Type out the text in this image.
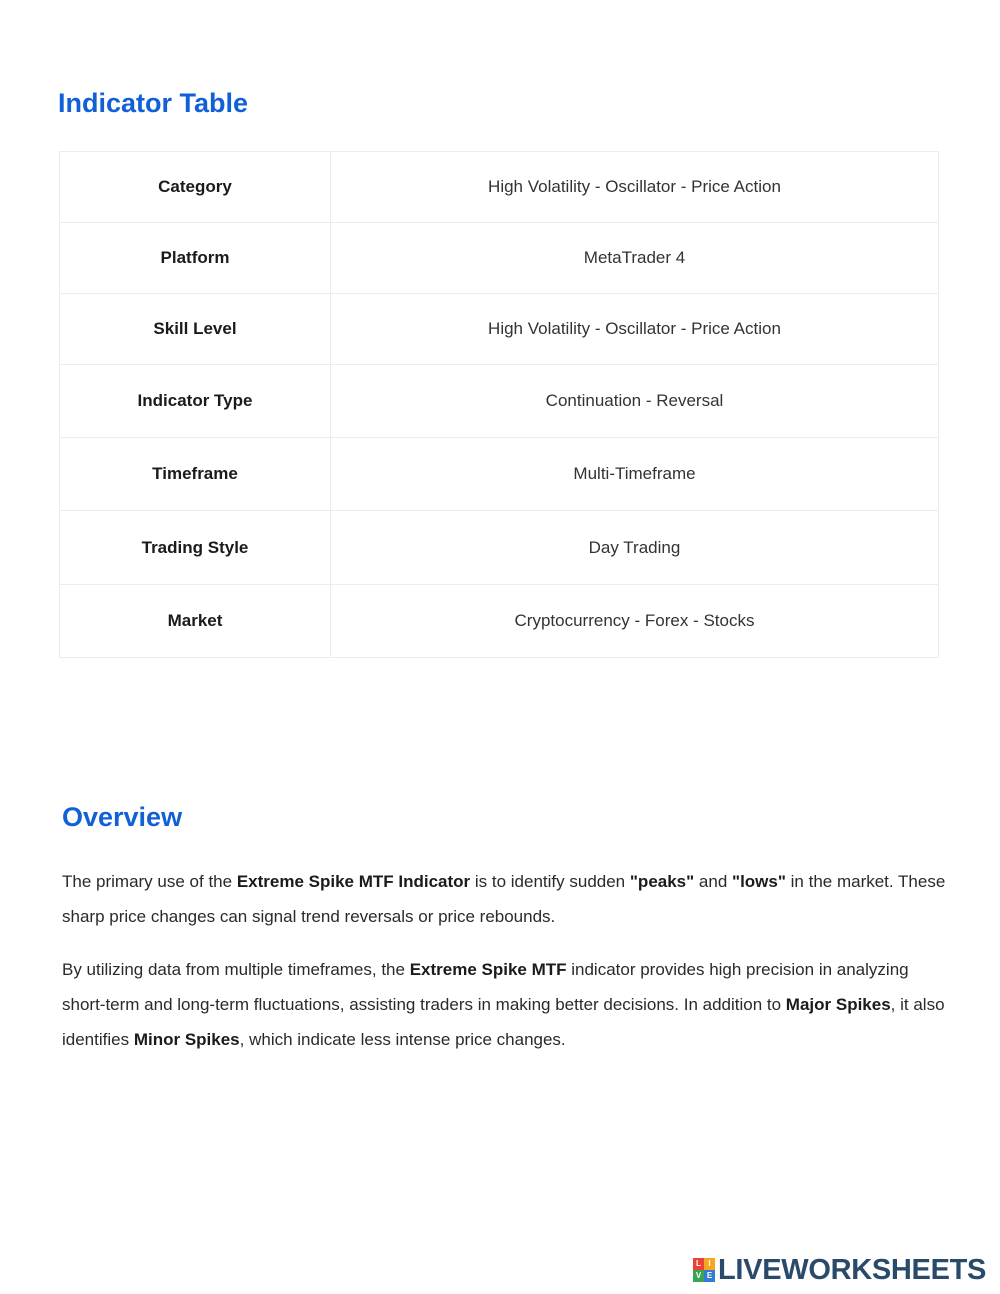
Indicator Table
Category	High Volatility - Oscillator - Price Action
Platform	MetaTrader 4
Skill Level	High Volatility - Oscillator - Price Action
Indicator Type	Continuation - Reversal
Timeframe	Multi-Timeframe
Trading Style	Day Trading
Market	Cryptocurrency - Forex - Stocks
Overview

The primary use of the Extreme Spike MTF Indicator is to identify sudden "peaks" and "lows" in the market. These sharp price changes can signal trend reversals or price rebounds.

By utilizing data from multiple timeframes, the Extreme Spike MTF indicator provides high precision in analyzing short-term and long-term fluctuations, assisting traders in making better decisions. In addition to Major Spikes, it also identifies Minor Spikes, which indicate less intense price changes.

L I
V E LIVEWORKSHEETS
